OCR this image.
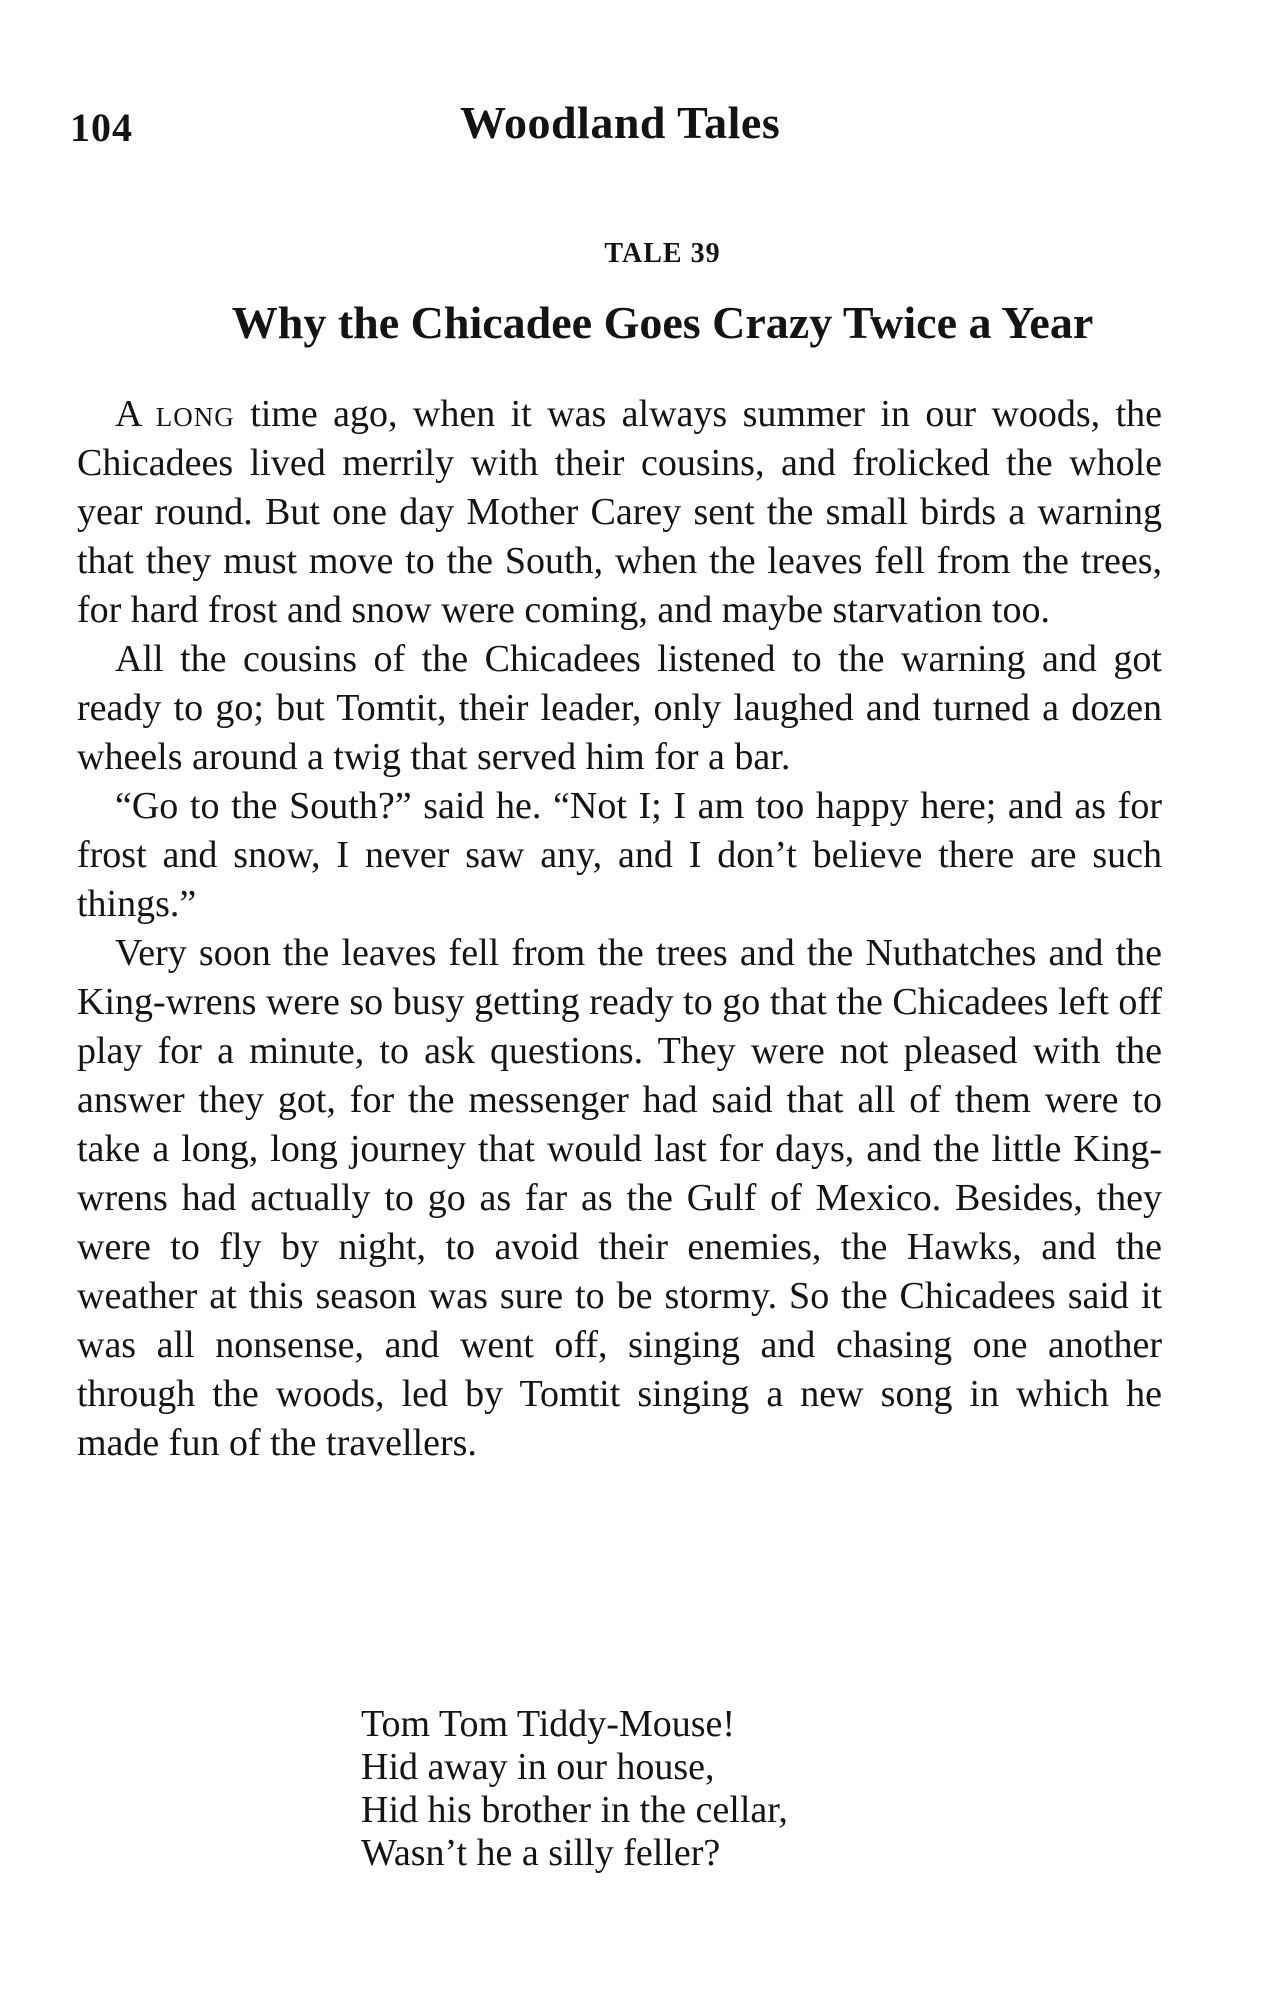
104	Woodland Tales
TALE 39
Why the Chicadee Goes Crazy Twice a Year

A long time ago, when it was always summer in our woods, the Chicadees lived merrily with their cousins, and frolicked the whole year round. But one day Mother Carey sent the small birds a warning that they must move to the South, when the leaves fell from the trees, for hard frost and snow were coming, and maybe starvation too.

All the cousins of the Chicadees listened to the warning and got ready to go; but Tomtit, their leader, only laughed and turned a dozen wheels around a twig that served him for a bar.

“Go to the South?” said he. “Not I; I am too happy here; and as for frost and snow, I never saw any, and I don’t believe there are such things.”

Very soon the leaves fell from the trees and the Nuthatches and the King-wrens were so busy getting ready to go that the Chicadees left off play for a minute, to ask questions. They were not pleased with the answer they got, for the messenger had said that all of them were to take a long, long journey that would last for days, and the little King-wrens had actually to go as far as the Gulf of Mexico. Besides, they were to fly by night, to avoid their enemies, the Hawks, and the weather at this season was sure to be stormy. So the Chicadees said it was all nonsense, and went off, singing and chasing one another through the woods, led by Tomtit singing a new song in which he made fun of the travellers.

Tom Tom Tiddy-Mouse!
Hid away in our house,
Hid his brother in the cellar,
Wasn’t he a silly feller?
